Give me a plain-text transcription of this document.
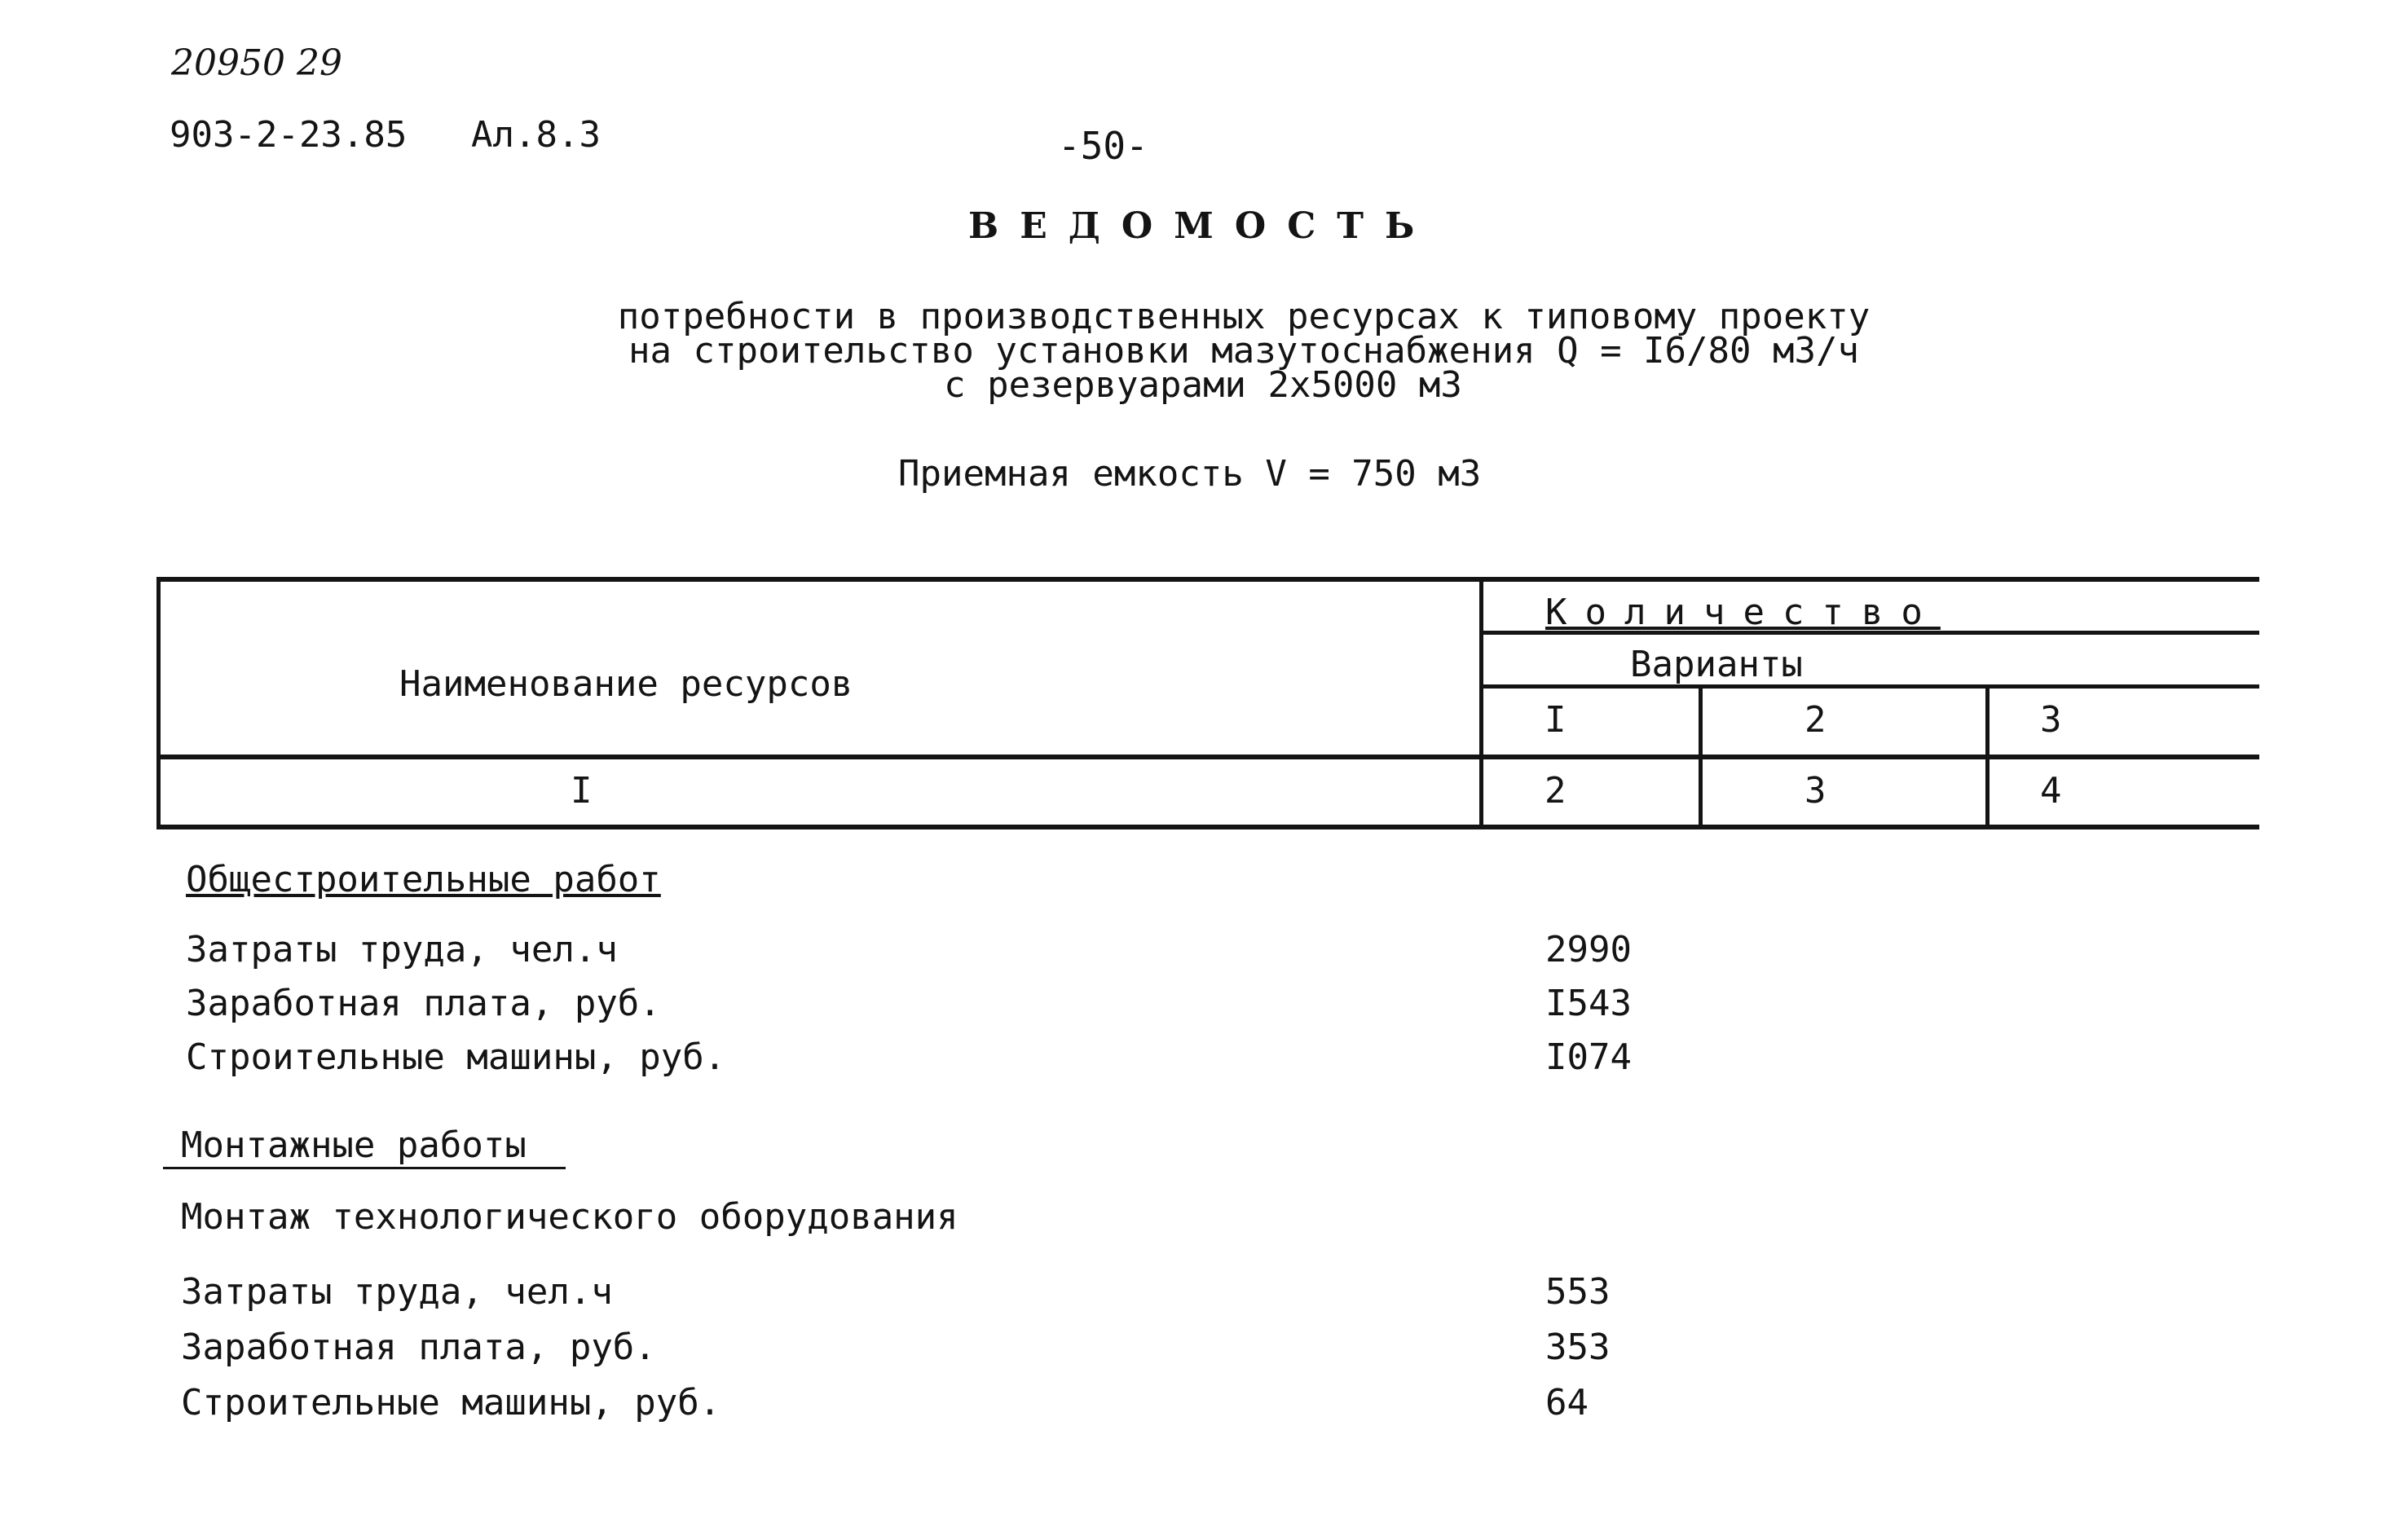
20950 29
903-2-23.85 Ал.8.3	-50-
ВЕДОМОСТЬ
потребности в производственных ресурсах к типовому проекту
на строительство установки мазутоснабжения Q = I6/80 м3/ч
с резервуарами 2х5000 м3
Приемная емкость V = 750 м3
Наименование ресурсов
Количество
Варианты
I	2	3
I	2	3	4
Общестроительные работ
Затраты труда, чел.ч	2990
Заработная плата, руб.	I543
Строительные машины, руб.	I074
Монтажные работы
Монтаж технологического оборудования
Затраты труда, чел.ч	553
Заработная плата, руб.	353
Строительные машины, руб.	64
